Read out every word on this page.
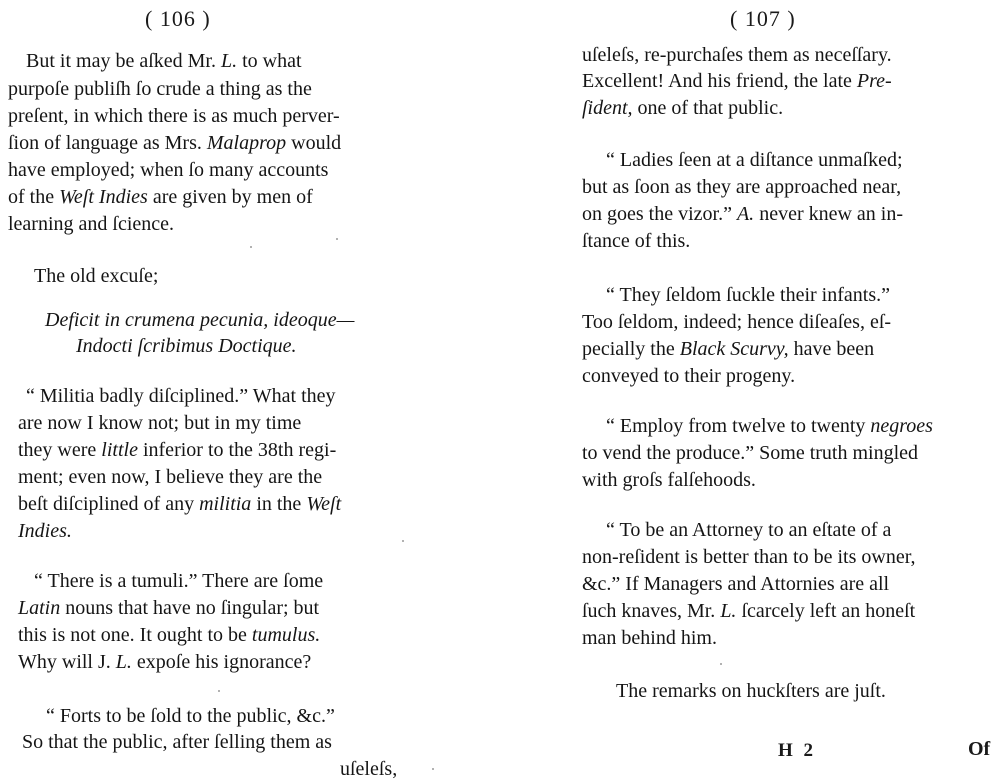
( 106 )
But it may be aſked Mr. L. to what
purpoſe publiſh ſo crude a thing as the
preſent, in which there is as much perver-
ſion of language as Mrs. Malaprop would
have employed; when ſo many accounts
of the Weſt Indies are given by men of
learning and ſcience.
The old excuſe;
Deficit in crumena pecunia, ideoque—
Indocti ſcribimus Doctique.
“ Militia badly diſciplined.” What they
are now I know not; but in my time
they were little inferior to the 38th regi-
ment; even now, I believe they are the
beſt diſciplined of any militia in the Weſt
Indies.
“ There is a tumuli.” There are ſome
Latin nouns that have no ſingular; but
this is not one. It ought to be tumulus.
Why will J. L. expoſe his ignorance?
“ Forts to be ſold to the public, &c.”
So that the public, after ſelling them as
uſeleſs,
( 107 )
uſeleſs, re-purchaſes them as neceſſary.
Excellent! And his friend, the late Pre-
ſident, one of that public.
“ Ladies ſeen at a diſtance unmaſked;
but as ſoon as they are approached near,
on goes the vizor.” A. never knew an in-
ſtance of this.
“ They ſeldom ſuckle their infants.”
Too ſeldom, indeed; hence diſeaſes, eſ-
pecially the Black Scurvy, have been
conveyed to their progeny.
“ Employ from twelve to twenty negroes
to vend the produce.” Some truth mingled
with groſs falſehoods.
“ To be an Attorney to an eſtate of a
non-reſident is better than to be its owner,
&c.” If Managers and Attornies are all
ſuch knaves, Mr. L. ſcarcely left an honeſt
man behind him.
The remarks on huckſters are juſt.
H 2	Of
